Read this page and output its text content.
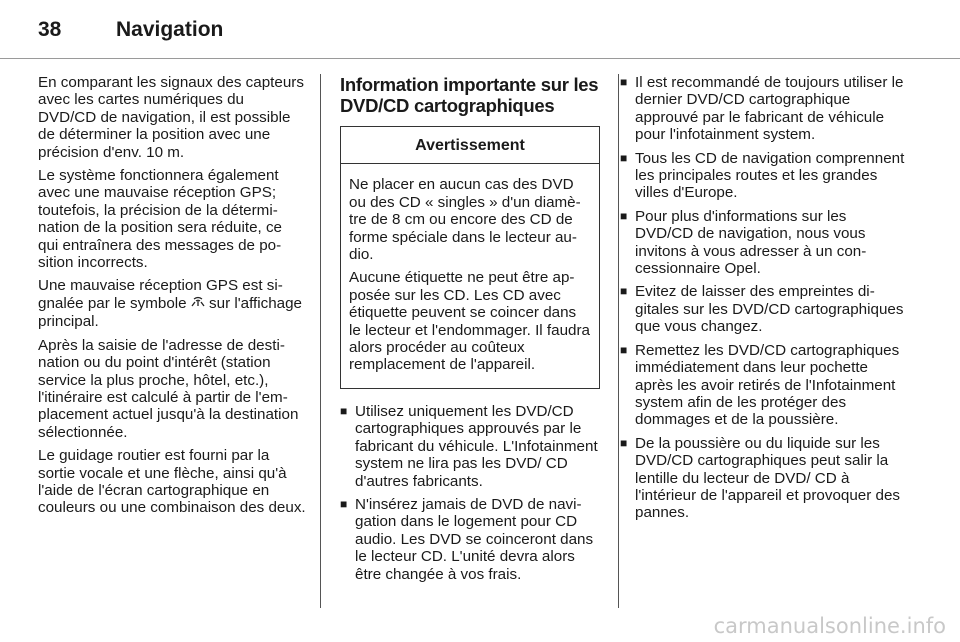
38	Navigation

En comparant les signaux des capteurs avec les cartes numériques du DVD/CD de navigation, il est possible de déterminer la position avec une précision d'env. 10 m.

Le système fonctionnera également avec une mauvaise réception GPS; toutefois, la précision de la détermination de la position sera réduite, ce qui entraînera des messages de position incorrects.

Une mauvaise réception GPS est signalée par le symbole  sur l'affichage principal.

Après la saisie de l'adresse de destination ou du point d'intérêt (station service la plus proche, hôtel, etc.), l'itinéraire est calculé à partir de l'emplacement actuel jusqu'à la destination sélectionnée.

Le guidage routier est fourni par la sortie vocale et une flèche, ainsi qu'à l'aide de l'écran cartographique en couleurs ou une combinaison des deux.

Information importante sur les DVD/CD cartographiques
Avertissement

Ne placer en aucun cas des DVD ou des CD « singles » d'un diamètre de 8 cm ou encore des CD de forme spéciale dans le lecteur audio.

Aucune étiquette ne peut être apposée sur les CD. Les CD avec étiquette peuvent se coincer dans le lecteur et l'endommager. Il faudra alors procéder au coûteux remplacement de l'appareil.

■ Utilisez uniquement les DVD/CD cartographiques approuvés par le fabricant du véhicule. L'Infotainment system ne lira pas les DVD/ CD d'autres fabricants.
■ N'insérez jamais de DVD de navigation dans le logement pour CD audio. Les DVD se coinceront dans le lecteur CD. L'unité devra alors être changée à vos frais.
■ Il est recommandé de toujours utiliser le dernier DVD/CD cartographique approuvé par le fabricant de véhicule pour l'infotainment system.
■ Tous les CD de navigation comprennent les principales routes et les grandes villes d'Europe.
■ Pour plus d'informations sur les DVD/CD de navigation, nous vous invitons à vous adresser à un concessionnaire Opel.
■ Evitez de laisser des empreintes digitales sur les DVD/CD cartographiques que vous changez.
■ Remettez les DVD/CD cartographiques immédiatement dans leur pochette après les avoir retirés de l'Infotainment system afin de les protéger des dommages et de la poussière.
■ De la poussière ou du liquide sur les DVD/CD cartographiques peut salir la lentille du lecteur de DVD/ CD à l'intérieur de l'appareil et provoquer des pannes.
carmanualsonline.info
